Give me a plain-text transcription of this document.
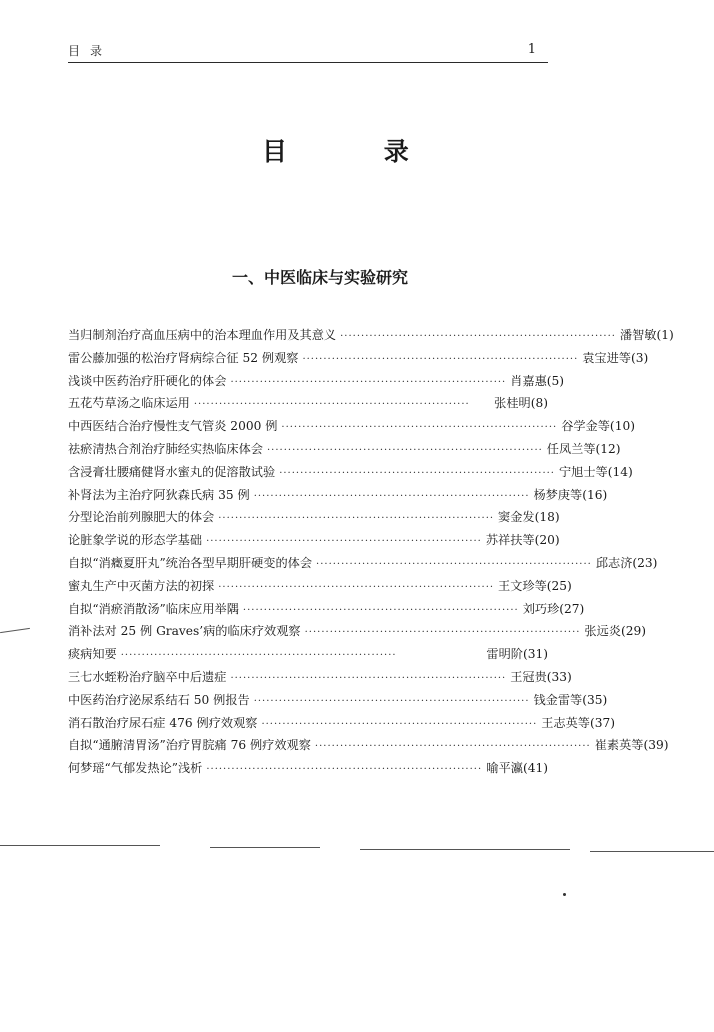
目录	1
目 录
一、中医临床与实验研究
当归制剂治疗高血压病中的治本理血作用及其意义 ·································································· 潘智敏(1)
雷公藤加强的松治疗肾病综合征 52 例观察 ·································································· 袁宝进等(3)
浅谈中医药治疗肝硬化的体会 ·································································· 肖嘉惠(5)
五花芍草汤之临床运用 ··································································	张桂明(8)
中西医结合治疗慢性支气管炎 2000 例 ·································································· 谷学金等(10)
祛瘀清热合剂治疗肺经实热临床体会 ·································································· 任凤兰等(12)
含浸膏壮腰痛健肾水蜜丸的促溶散试验 ·································································· 宁旭士等(14)
补肾法为主治疗阿狄森氏病 35 例 ·································································· 杨梦庚等(16)
分型论治前列腺肥大的体会 ·································································· 窦金发(18)
论脏象学说的形态学基础 ·································································· 苏祥扶等(20)
自拟“消癥夏肝丸”统治各型早期肝硬变的体会 ·································································· 邱志济(23)
蜜丸生产中灭菌方法的初探 ·································································· 王文珍等(25)
自拟“消瘀消散汤”临床应用举隅 ·································································· 刘巧珍(27)
消补法对 25 例 Graves’病的临床疗效观察 ·································································· 张远炎(29)
痰病知要 ··································································	雷明阶(31)
三七水蛭粉治疗脑卒中后遗症 ·································································· 王冠贵(33)
中医药治疗泌尿系结石 50 例报告 ·································································· 钱金雷等(35)
消石散治疗尿石症 476 例疗效观察 ·································································· 王志英等(37)
自拟“通腑清胃汤”治疗胃脘痛 76 例疗效观察 ·································································· 崔素英等(39)
何梦瑶“气郁发热论”浅析 ·································································· 喻平瀛(41)
